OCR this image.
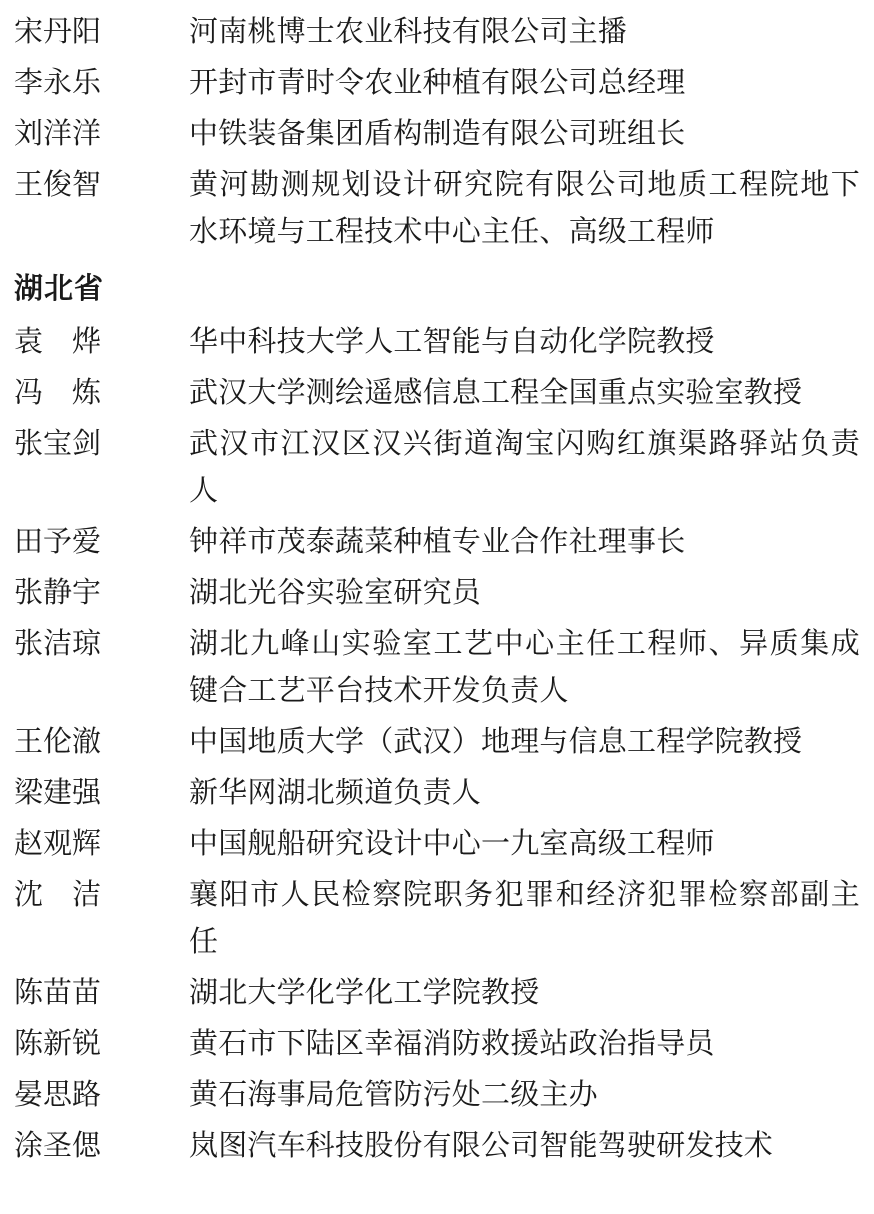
宋丹阳	河南桃博士农业科技有限公司主播
李永乐	开封市青时令农业种植有限公司总经理
刘洋洋	中铁装备集团盾构制造有限公司班组长
王俊智	黄河勘测规划设计研究院有限公司地质工程院地下水环境与工程技术中心主任、高级工程师
湖北省
袁　烨	华中科技大学人工智能与自动化学院教授
冯　炼	武汉大学测绘遥感信息工程全国重点实验室教授
张宝剑	武汉市江汉区汉兴街道淘宝闪购红旗渠路驿站负责人
田予爱	钟祥市茂泰蔬菜种植专业合作社理事长
张静宇	湖北光谷实验室研究员
张洁琼	湖北九峰山实验室工艺中心主任工程师、异质集成键合工艺平台技术开发负责人
王伦澈	中国地质大学（武汉）地理与信息工程学院教授
梁建强	新华网湖北频道负责人
赵观辉	中国舰船研究设计中心一九室高级工程师
沈　洁	襄阳市人民检察院职务犯罪和经济犯罪检察部副主任
陈苗苗	湖北大学化学化工学院教授
陈新锐	黄石市下陆区幸福消防救援站政治指导员
晏思路	黄石海事局危管防污处二级主办
涂圣偲	岚图汽车科技股份有限公司智能驾驶研发技术
